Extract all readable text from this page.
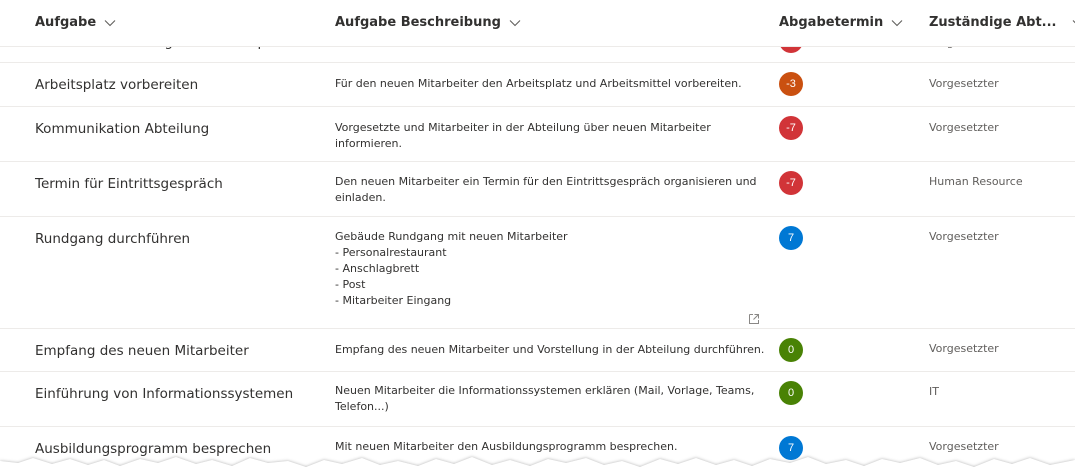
Arbeitsplatz vorbereiten	Für den neuen Mitarbeiter den Arbeitsplatz und Arbeitsmittel vorbereiten.	-3	Vorgesetzter
Kommunikation Abteilung	Vorgesetzte und Mitarbeiter in der Abteilung über neuen Mitarbeiter
informieren.
-7	Vorgesetzter
Termin für Eintrittsgespräch	Den neuen Mitarbeiter ein Termin für den Eintrittsgespräch organisieren und
einladen.
-7	Human Resource
Rundgang durchführen	Gebäude Rundgang mit neuen Mitarbeiter
- Personalrestaurant
- Anschlagbrett
- Post
- Mitarbeiter Eingang
7	Vorgesetzter
Empfang des neuen Mitarbeiter	Empfang des neuen Mitarbeiter und Vorstellung in der Abteilung durchführen.	0	Vorgesetzter
Einführung von Informationssystemen	Neuen Mitarbeiter die Informationssystemen erklären (Mail, Vorlage, Teams,
Telefon...)
0	IT
Ausbildungsprogramm besprechen	Mit neuen Mitarbeiter den Ausbildungsprogramm besprechen.	7	Vorgesetzter
Aufgabe	Aufgabe Beschreibung	Abgabetermin	Zuständige Abt...
